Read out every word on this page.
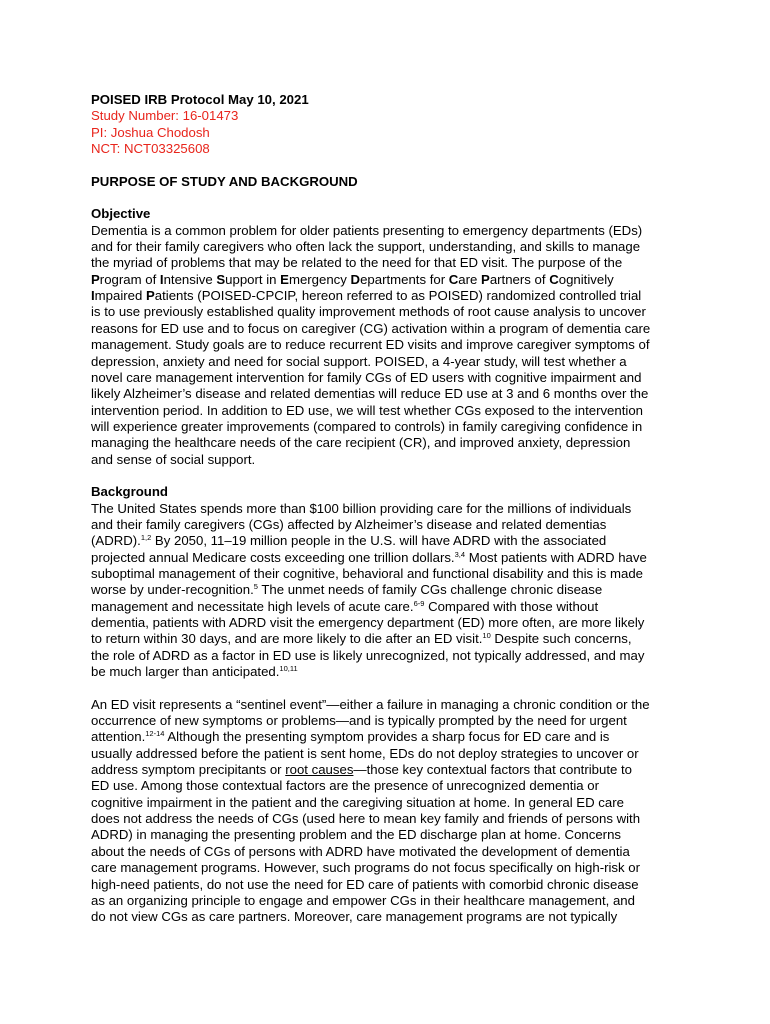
POISED IRB Protocol May 10, 2021
Study Number: 16-01473
PI: Joshua Chodosh
NCT: NCT03325608
PURPOSE OF STUDY AND BACKGROUND
Objective
Dementia is a common problem for older patients presenting to emergency departments (EDs)
and for their family caregivers who often lack the support, understanding, and skills to manage
the myriad of problems that may be related to the need for that ED visit. The purpose of the
Program of Intensive Support in Emergency Departments for Care Partners of Cognitively
Impaired Patients (POISED-CPCIP, hereon referred to as POISED) randomized controlled trial
is to use previously established quality improvement methods of root cause analysis to uncover
reasons for ED use and to focus on caregiver (CG) activation within a program of dementia care
management. Study goals are to reduce recurrent ED visits and improve caregiver symptoms of
depression, anxiety and need for social support. POISED, a 4-year study, will test whether a
novel care management intervention for family CGs of ED users with cognitive impairment and
likely Alzheimer’s disease and related dementias will reduce ED use at 3 and 6 months over the
intervention period. In addition to ED use, we will test whether CGs exposed to the intervention
will experience greater improvements (compared to controls) in family caregiving confidence in
managing the healthcare needs of the care recipient (CR), and improved anxiety, depression
and sense of social support.
Background
The United States spends more than $100 billion providing care for the millions of individuals
and their family caregivers (CGs) affected by Alzheimer’s disease and related dementias
(ADRD).$^{1,2}$ By 2050, 11–19 million people in the U.S. will have ADRD with the associated
projected annual Medicare costs exceeding one trillion dollars.$^{3,4}$ Most patients with ADRD have
suboptimal management of their cognitive, behavioral and functional disability and this is made
worse by under-recognition.$^5$ The unmet needs of family CGs challenge chronic disease
management and necessitate high levels of acute care.$^{6-9}$ Compared with those without
dementia, patients with ADRD visit the emergency department (ED) more often, are more likely
to return within 30 days, and are more likely to die after an ED visit.$^{10}$ Despite such concerns,
the role of ADRD as a factor in ED use is likely unrecognized, not typically addressed, and may
be much larger than anticipated.$^{10,11}$
An ED visit represents a “sentinel event”—either a failure in managing a chronic condition or the
occurrence of new symptoms or problems—and is typically prompted by the need for urgent
attention.$^{12-14}$ Although the presenting symptom provides a sharp focus for ED care and is
usually addressed before the patient is sent home, EDs do not deploy strategies to uncover or
address symptom precipitants or root causes—those key contextual factors that contribute to
ED use. Among those contextual factors are the presence of unrecognized dementia or
cognitive impairment in the patient and the caregiving situation at home. In general ED care
does not address the needs of CGs (used here to mean key family and friends of persons with
ADRD) in managing the presenting problem and the ED discharge plan at home. Concerns
about the needs of CGs of persons with ADRD have motivated the development of dementia
care management programs. However, such programs do not focus specifically on high-risk or
high-need patients, do not use the need for ED care of patients with comorbid chronic disease
as an organizing principle to engage and empower CGs in their healthcare management, and
do not view CGs as care partners. Moreover, care management programs are not typically
